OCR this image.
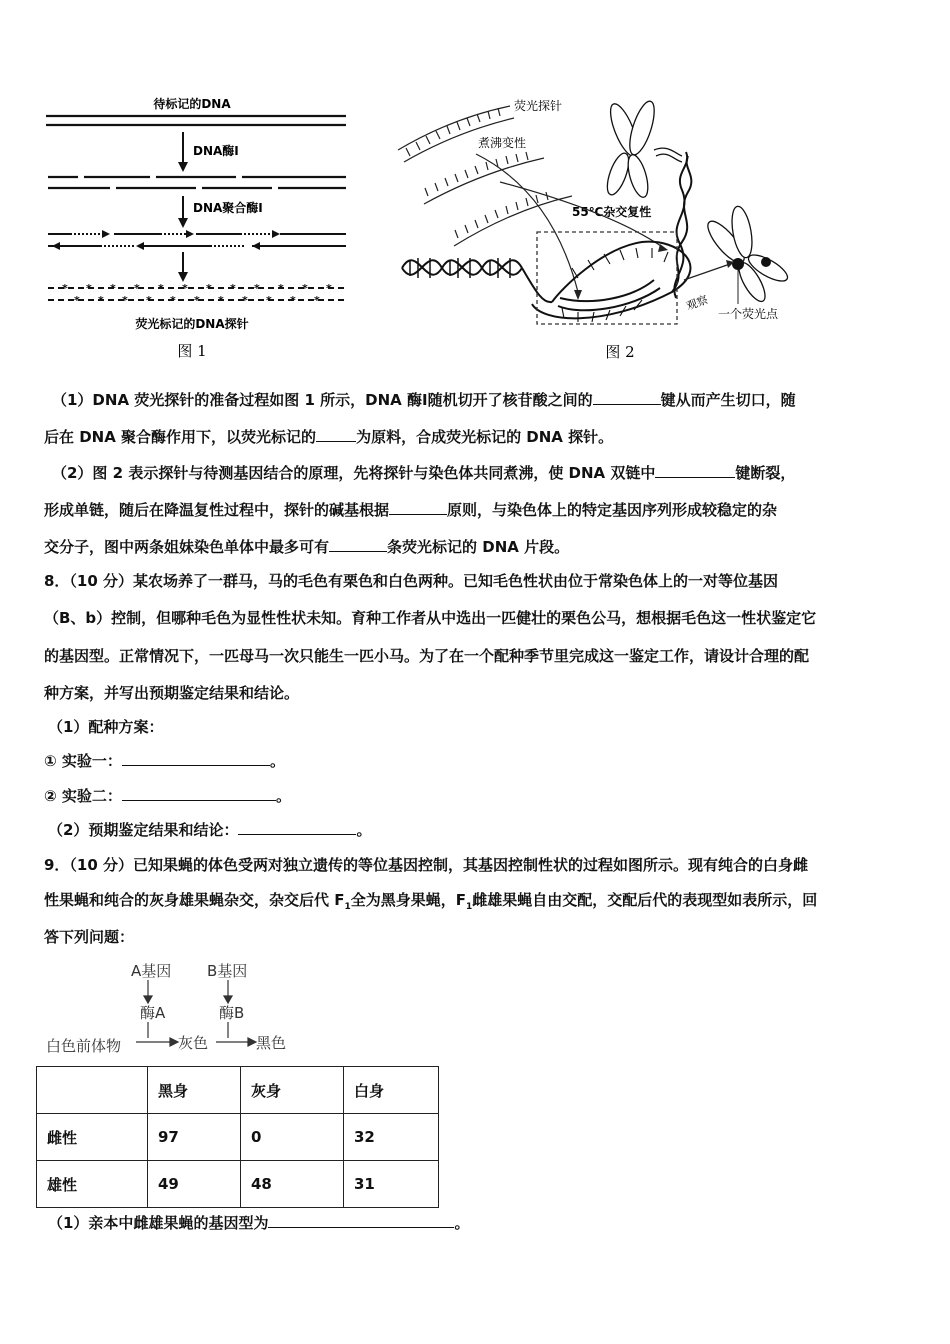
待标记的DNA
DNA酶Ⅰ
DNA聚合酶Ⅰ
* * * * * * * * * * * *
* * * * * * * * * * *
荧光标记的DNA探针
图 1
荧光探针
煮沸变性
55℃杂交复性
观察
一个荧光点
图 2
（1）DNA 荧光探针的准备过程如图 1 所示，DNA 酶Ⅰ随机切开了核苷酸之间的	键从而产生切口，随
后在 DNA 聚合酶作用下，以荧光标记的	为原料，合成荧光标记的 DNA 探针。
（2）图 2 表示探针与待测基因结合的原理，先将探针与染色体共同煮沸，使 DNA 双链中	键断裂，
形成单链，随后在降温复性过程中，探针的碱基根据	原则，与染色体上的特定基因序列形成较稳定的杂
交分子，图中两条姐妹染色单体中最多可有	条荧光标记的 DNA 片段。
8．（10 分）某农场养了一群马，马的毛色有栗色和白色两种。已知毛色性状由位于常染色体上的一对等位基因
（B、b）控制，但哪种毛色为显性性状未知。育种工作者从中选出一匹健壮的栗色公马，想根据毛色这一性状鉴定它
的基因型。正常情况下，一匹母马一次只能生一匹小马。为了在一个配种季节里完成这一鉴定工作，请设计合理的配
种方案，并写出预期鉴定结果和结论。
（1）配种方案：
① 实验一：	。
② 实验二：	。
（2）预期鉴定结果和结论：	。
9．（10 分）已知果蝇的体色受两对独立遗传的等位基因控制，其基因控制性状的过程如图所示。现有纯合的白身雌
性果蝇和纯合的灰身雄果蝇杂交，杂交后代 $F_1$全为黑身果蝇，$F_1$雌雄果蝇自由交配，交配后代的表现型如表所示，回
答下列问题：
A基因 B基因
酶A	酶B
白色前体物	灰色	黑色
	黑身	灰身	白身
雌性	97	0	32
雄性	49	48	31
（1）亲本中雌雄果蝇的基因型为	。
